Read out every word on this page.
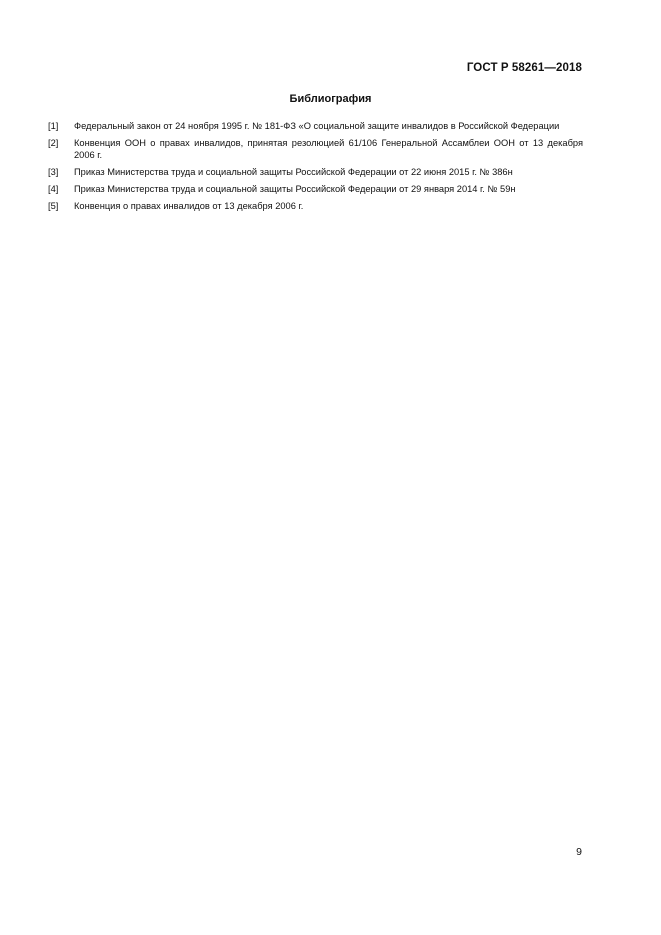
ГОСТ Р 58261—2018
Библиография
[1] Федеральный закон от 24 ноября 1995 г. № 181-ФЗ «О социальной защите инвалидов в Российской Федерации
[2] Конвенция ООН о правах инвалидов, принятая резолюцией 61/106 Генеральной Ассамблеи ООН от 13 декабря 2006 г.
[3] Приказ Министерства труда и социальной защиты Российской Федерации от 22 июня 2015 г. № 386н
[4] Приказ Министерства труда и социальной защиты Российской Федерации от 29 января 2014 г. № 59н
[5] Конвенция о правах инвалидов от 13 декабря 2006 г.
9
